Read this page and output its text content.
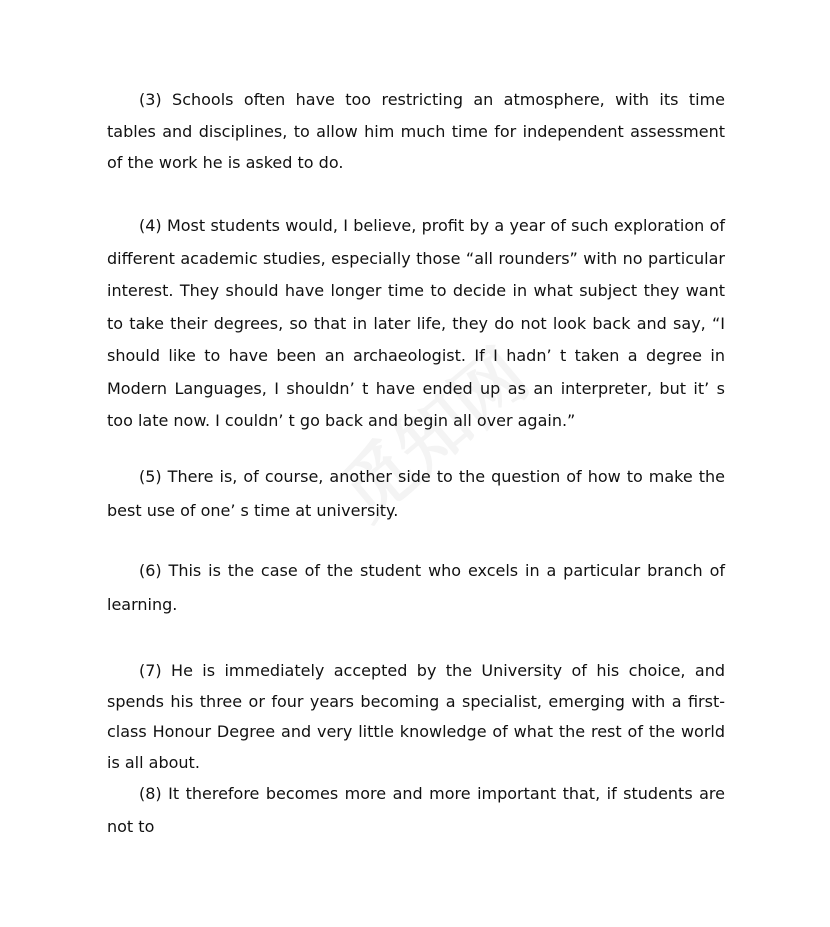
(3) Schools often have too restricting an atmosphere, with its time tables and disciplines, to allow him much time for independent assessment of the work he is asked to do.

(4) Most students would, I believe, profit by a year of such exploration of different academic studies, especially those “all rounders” with no particular interest. They should have longer time to decide in what subject they want to take their degrees, so that in later life, they do not look back and say, “I should like to have been an archaeologist. If I hadn’ t taken a degree in Modern Languages, I shouldn’ t have ended up as an interpreter, but it’ s too late now. I couldn’ t go back and begin all over again.”

(5) There is, of course, another side to the question of how to make the best use of one’ s time at university.

(6) This is the case of the student who excels in a particular branch of learning.

(7) He is immediately accepted by the University of his choice, and spends his three or four years becoming a specialist, emerging with a first-class Honour Degree and very little knowledge of what the rest of the world is all about.

(8) It therefore becomes more and more important that, if students are not to
